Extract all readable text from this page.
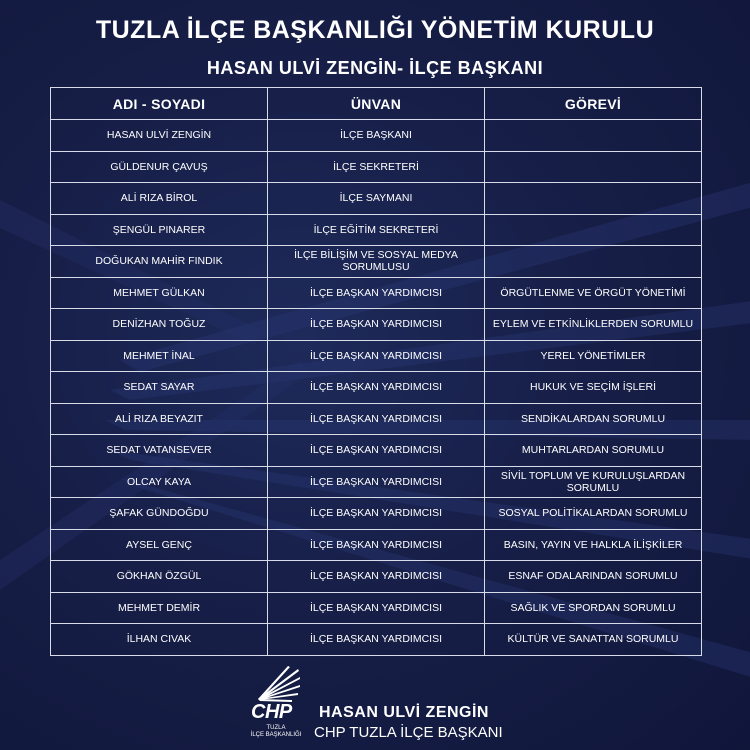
TUZLA İLÇE BAŞKANLIĞI YÖNETİM KURULU
HASAN ULVİ ZENGİN- İLÇE BAŞKANI
ADI - SOYADI	ÜNVAN	GÖREVİ
HASAN ULVİ ZENGİN	İLÇE BAŞKANI	
GÜLDENUR ÇAVUŞ	İLÇE SEKRETERİ	
ALİ RIZA BİROL	İLÇE SAYMANI	
ŞENGÜL PINARER	İLÇE EĞİTİM SEKRETERİ	
DOĞUKAN MAHİR FINDIK	İLÇE BİLİŞİM VE SOSYAL MEDYA SORUMLUSU	
MEHMET GÜLKAN	İLÇE BAŞKAN YARDIMCISI	ÖRGÜTLENME VE ÖRGÜT YÖNETİMİ
DENİZHAN TOĞUZ	İLÇE BAŞKAN YARDIMCISI	EYLEM VE ETKİNLİKLERDEN SORUMLU
MEHMET İNAL	İLÇE BAŞKAN YARDIMCISI	YEREL YÖNETİMLER
SEDAT SAYAR	İLÇE BAŞKAN YARDIMCISI	HUKUK VE SEÇİM İŞLERİ
ALİ RIZA BEYAZIT	İLÇE BAŞKAN YARDIMCISI	SENDİKALARDAN SORUMLU
SEDAT VATANSEVER	İLÇE BAŞKAN YARDIMCISI	MUHTARLARDAN SORUMLU
OLCAY KAYA	İLÇE BAŞKAN YARDIMCISI	SİVİL TOPLUM VE KURULUŞLARDAN SORUMLU
ŞAFAK GÜNDOĞDU	İLÇE BAŞKAN YARDIMCISI	SOSYAL POLİTİKALARDAN SORUMLU
AYSEL GENÇ	İLÇE BAŞKAN YARDIMCISI	BASIN, YAYIN VE HALKLA İLİŞKİLER
GÖKHAN ÖZGÜL	İLÇE BAŞKAN YARDIMCISI	ESNAF ODALARINDAN SORUMLU
MEHMET DEMİR	İLÇE BAŞKAN YARDIMCISI	SAĞLIK VE SPORDAN SORUMLU
İLHAN CIVAK	İLÇE BAŞKAN YARDIMCISI	KÜLTÜR VE SANATTAN SORUMLU
CHP
TUZLA
İLÇE BAŞKANLIĞI
HASAN ULVİ ZENGİN
CHP TUZLA İLÇE BAŞKANI
